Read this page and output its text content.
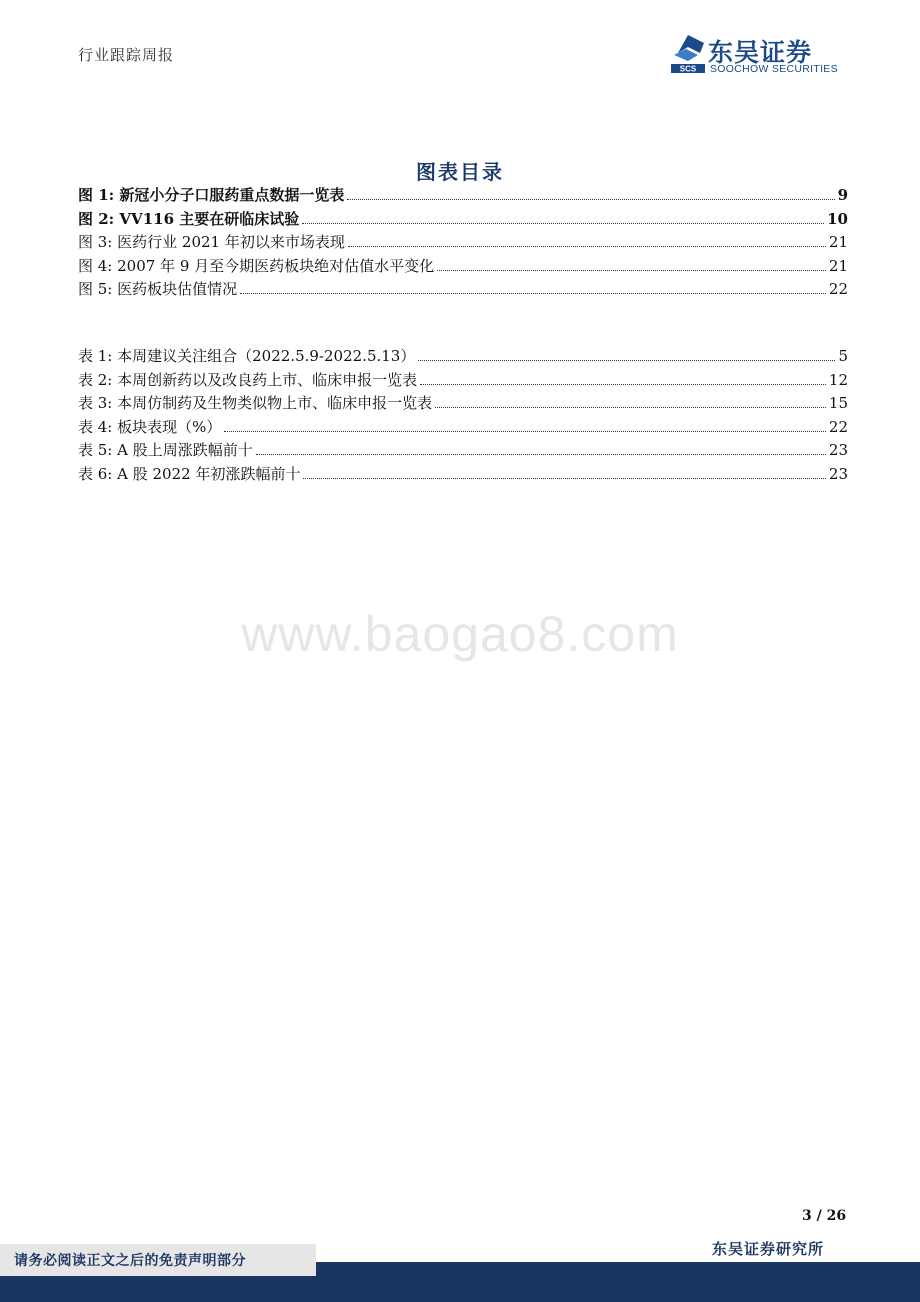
行业跟踪周报
SCS
东吴证券
SOOCHOW SECURITIES
图表目录
图 1: 新冠小分子口服药重点数据一览表	9
图 2: VV116 主要在研临床试验	10
图 3: 医药行业 2021 年初以来市场表现	21
图 4: 2007 年 9 月至今期医药板块绝对估值水平变化	21
图 5: 医药板块估值情况	22
表 1: 本周建议关注组合（2022.5.9-2022.5.13）	5
表 2: 本周创新药以及改良药上市、临床申报一览表	12
表 3: 本周仿制药及生物类似物上市、临床申报一览表	15
表 4: 板块表现（%）	22
表 5: A 股上周涨跌幅前十	23
表 6: A 股 2022 年初涨跌幅前十	23
www.baogao8.com
3 / 26
请务必阅读正文之后的免责声明部分
东吴证券研究所
